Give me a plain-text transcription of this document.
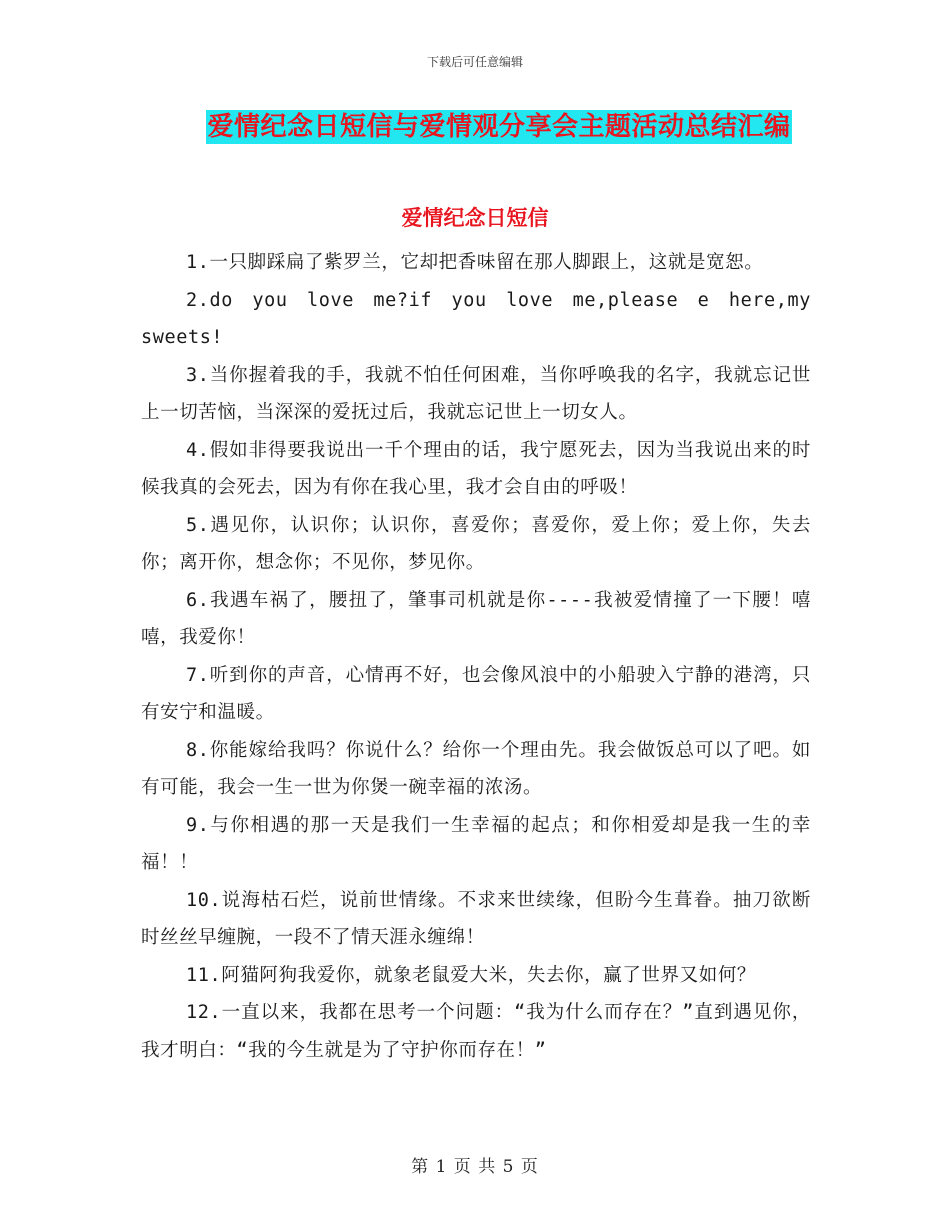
下载后可任意编辑
爱情纪念日短信与爱情观分享会主题活动总结汇编
爱情纪念日短信

1.一只脚踩扁了紫罗兰，它却把香味留在那人脚跟上，这就是宽恕。

2.do you love me?if you love me,please e here,my sweets!

3.当你握着我的手，我就不怕任何困难，当你呼唤我的名字，我就忘记世上一切苦恼，当深深的爱抚过后，我就忘记世上一切女人。

4.假如非得要我说出一千个理由的话，我宁愿死去，因为当我说出来的时候我真的会死去，因为有你在我心里，我才会自由的呼吸！

5.遇见你，认识你；认识你，喜爱你；喜爱你，爱上你；爱上你，失去你；离开你，想念你；不见你，梦见你。

6.我遇车祸了，腰扭了，肇事司机就是你----我被爱情撞了一下腰！嘻嘻，我爱你！

7.听到你的声音，心情再不好，也会像风浪中的小船驶入宁静的港湾，只有安宁和温暖。

8.你能嫁给我吗？你说什么？给你一个理由先。我会做饭总可以了吧。如有可能，我会一生一世为你煲一碗幸福的浓汤。

9.与你相遇的那一天是我们一生幸福的起点；和你相爱却是我一生的幸福！！

10.说海枯石烂，说前世情缘。不求来世续缘，但盼今生葺眷。抽刀欲断时丝丝早缠腕，一段不了情天涯永缠绵！

11.阿猫阿狗我爱你，就象老鼠爱大米，失去你，赢了世界又如何？

12.一直以来，我都在思考一个问题：“我为什么而存在？”直到遇见你，我才明白：“我的今生就是为了守护你而存在！”

第 1 页 共 5 页
